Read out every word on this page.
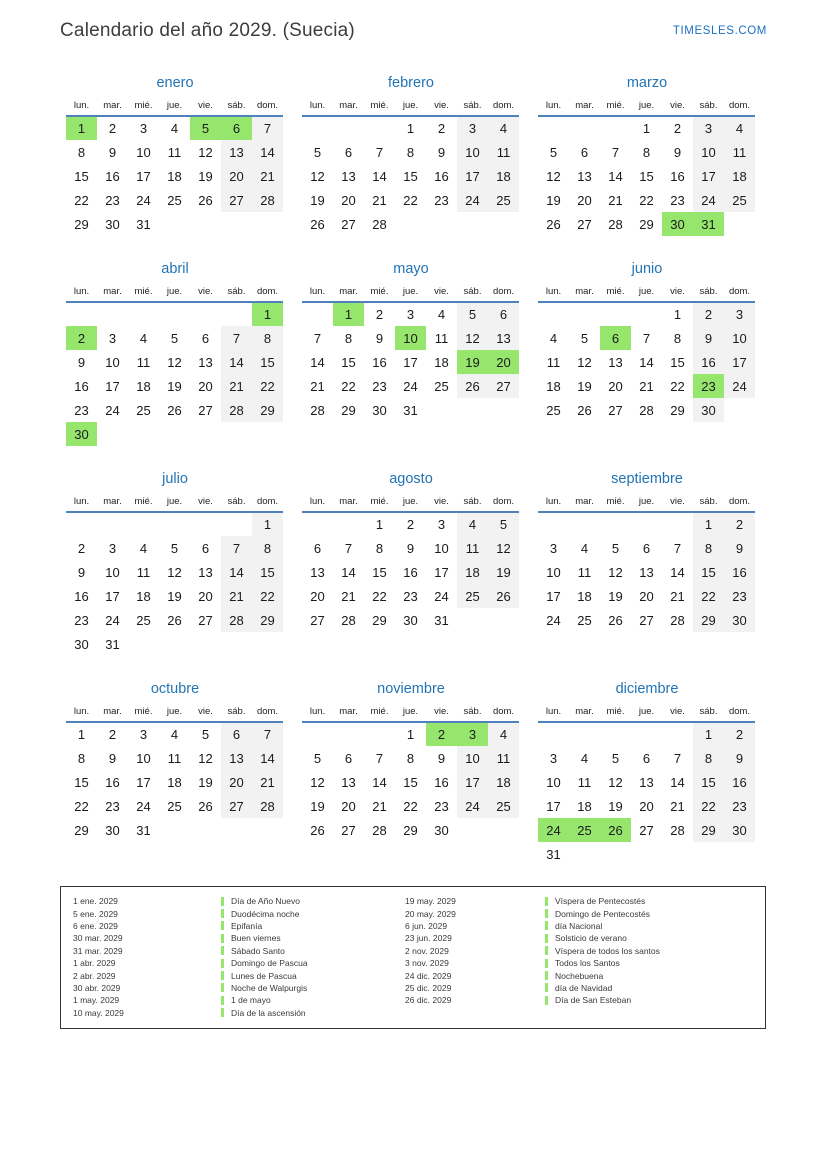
Calendario del año 2029. (Suecia)	TIMESLES.COM
enero
lun.	mar.	mié.	jue.	vie.	sáb.	dom.
1	2	3	4	5	6	7
8	9	10	11	12	13	14
15	16	17	18	19	20	21
22	23	24	25	26	27	28
29	30	31				
febrero
lun.	mar.	mié.	jue.	vie.	sáb.	dom.
			1	2	3	4
5	6	7	8	9	10	11
12	13	14	15	16	17	18
19	20	21	22	23	24	25
26	27	28				
marzo
lun.	mar.	mié.	jue.	vie.	sáb.	dom.
			1	2	3	4
5	6	7	8	9	10	11
12	13	14	15	16	17	18
19	20	21	22	23	24	25
26	27	28	29	30	31	
abril
lun.	mar.	mié.	jue.	vie.	sáb.	dom.
						1
2	3	4	5	6	7	8
9	10	11	12	13	14	15
16	17	18	19	20	21	22
23	24	25	26	27	28	29
30						
mayo
lun.	mar.	mié.	jue.	vie.	sáb.	dom.
	1	2	3	4	5	6
7	8	9	10	11	12	13
14	15	16	17	18	19	20
21	22	23	24	25	26	27
28	29	30	31			
junio
lun.	mar.	mié.	jue.	vie.	sáb.	dom.
				1	2	3
4	5	6	7	8	9	10
11	12	13	14	15	16	17
18	19	20	21	22	23	24
25	26	27	28	29	30	
julio
lun.	mar.	mié.	jue.	vie.	sáb.	dom.
						1
2	3	4	5	6	7	8
9	10	11	12	13	14	15
16	17	18	19	20	21	22
23	24	25	26	27	28	29
30	31					
agosto
lun.	mar.	mié.	jue.	vie.	sáb.	dom.
		1	2	3	4	5
6	7	8	9	10	11	12
13	14	15	16	17	18	19
20	21	22	23	24	25	26
27	28	29	30	31		
septiembre
lun.	mar.	mié.	jue.	vie.	sáb.	dom.
					1	2
3	4	5	6	7	8	9
10	11	12	13	14	15	16
17	18	19	20	21	22	23
24	25	26	27	28	29	30
octubre
lun.	mar.	mié.	jue.	vie.	sáb.	dom.
1	2	3	4	5	6	7
8	9	10	11	12	13	14
15	16	17	18	19	20	21
22	23	24	25	26	27	28
29	30	31				
noviembre
lun.	mar.	mié.	jue.	vie.	sáb.	dom.
			1	2	3	4
5	6	7	8	9	10	11
12	13	14	15	16	17	18
19	20	21	22	23	24	25
26	27	28	29	30		
diciembre
lun.	mar.	mié.	jue.	vie.	sáb.	dom.
					1	2
3	4	5	6	7	8	9
10	11	12	13	14	15	16
17	18	19	20	21	22	23
24	25	26	27	28	29	30
31						
1 ene. 2029	Día de Año Nuevo
5 ene. 2029	Duodécima noche
6 ene. 2029	Epifanía
30 mar. 2029	Buen viernes
31 mar. 2029	Sábado Santo
1 abr. 2029	Domingo de Pascua
2 abr. 2029	Lunes de Pascua
30 abr. 2029	Noche de Walpurgis
1 may. 2029	1 de mayo
10 may. 2029	Día de la ascensión
19 may. 2029	Víspera de Pentecostés
20 may. 2029	Domingo de Pentecostés
6 jun. 2029	día Nacional
23 jun. 2029	Solsticio de verano
2 nov. 2029	Víspera de todos los santos
3 nov. 2029	Todos los Santos
24 dic. 2029	Nochebuena
25 dic. 2029	día de Navidad
26 dic. 2029	Día de San Esteban
